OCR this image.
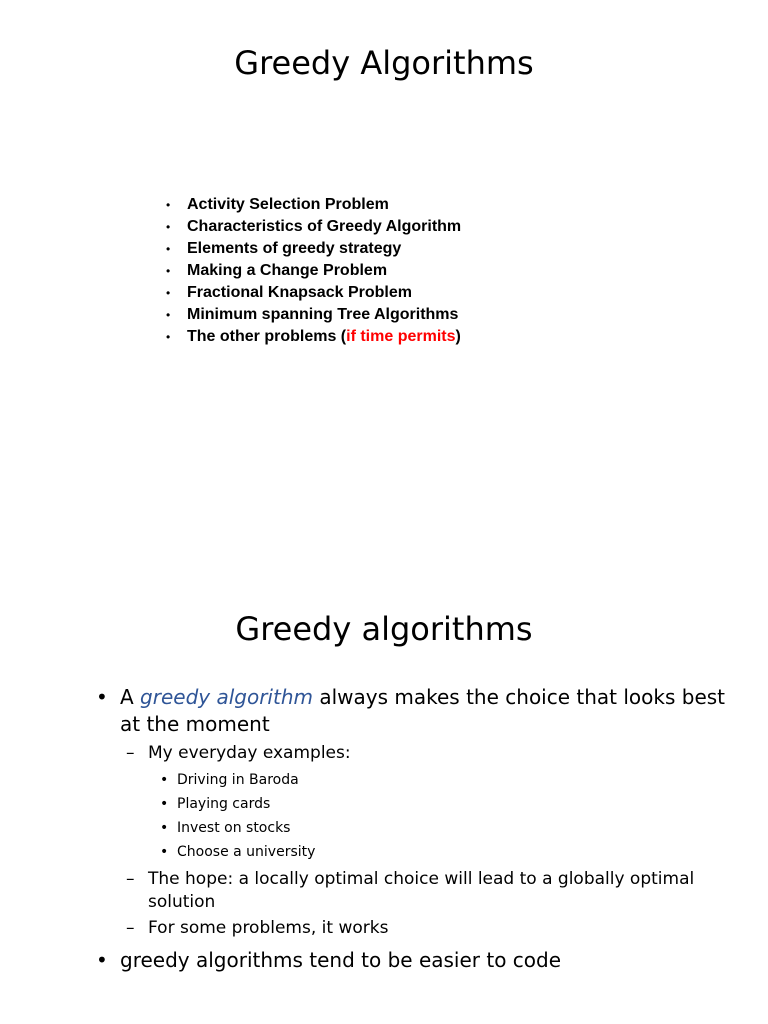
Greedy Algorithms
• Activity Selection Problem
• Characteristics of Greedy Algorithm
• Elements of greedy strategy
• Making a Change Problem
• Fractional Knapsack Problem
• Minimum spanning Tree Algorithms
• The other problems (if time permits)
Greedy algorithms

• A greedy algorithm always makes the choice that looks best at the moment

– My everyday examples:

• Driving in Baroda

• Playing cards

• Invest on stocks

• Choose a university

– The hope: a locally optimal choice will lead to a globally optimal solution

– For some problems, it works

• greedy algorithms tend to be easier to code
